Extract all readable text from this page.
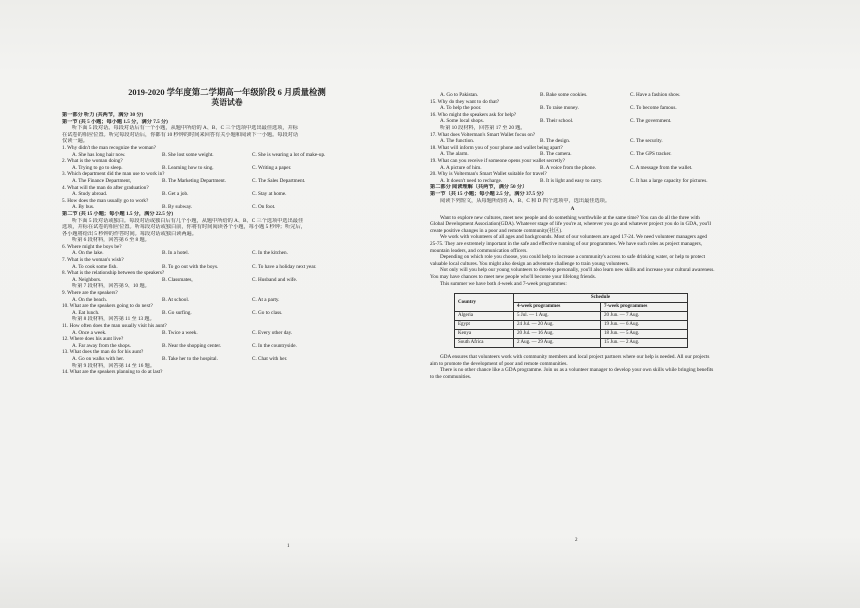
2019-2020 学年度第二学期高一年级阶段 6 月质量检测
英语试卷
第一部分 听力 (共两节，满分 30 分)
第一节 (共 5 小题；每小题 1.5 分，满分 7.5 分)
听下面 5 段对话。每段对话后有一个小题，从题中所给的 A、B、C 三个选项中选出最佳选项，并标
在试卷的相应位置。听完每段对话后，你都有 10 秒钟的时间来回答有关小题和阅读下一小题。每段对话
仅读一遍。
1. Why didn't the man recognize the woman?
A. She has long hair now.	B. She lost some weight.	C. She is wearing a lot of make-up.
2. What is the woman doing?
A. Trying to go to sleep.	B. Learning how to sing.	C. Writing a paper.
3. Which department did the man use to work in?
A. The Finance Department,	B. The Marketing Department.	C. The Sales Department.
4. What will the man do after graduation?
A. Study abroad.	B. Get a job.	C. Stay at home.
5. How does the man usually go to work?
A. By bus.	B. By subway.	C. On foot.
第二节 (共 15 小题；每小题 1.5 分，满分 22.5 分)
听下面 5 段对话或独白。每段对话或独白后有几个小题，从题中所给的 A、B、C 三个选项中选出最佳
选项，并标在试卷的相应位置。听每段对话或独白前，你将有时间阅读各个小题，每小题 5 秒钟；听完后，
各小题将给出 5 秒钟的作答时间。每段对话或独白读两遍。
听第 6 段材料，回答第 6 至 8 题。
6. Where might the boys be?
A. On the lake.	B. In a hotel.	C. In the kitchen.
7. What is the woman's wish?
A. To cook some fish.	B. To go out with the boys.	C. To have a holiday next year.
8. What is the relationship between the speakers?
A. Neighbors.	B. Classmates,	C. Husband and wife.
听第 7 段材料，回答第 9、10 题。
9. Where are the speakers?
A. On the beach.	B. At school.	C. At a party.
10. What are the speakers going to do next?
A. Eat lunch.	B. Go surfing.	C. Go to class.
听第 8 段材料，回答第 11 至 13 题。
11. How often does the man usually visit his aunt?
A. Once a week.	B. Twice a week.	C. Every other day.
12. Where does his aunt live?
A. Far away from the shops.	B. Near the shopping center.	C. In the countryside.
13. What does the man do for his aunt?
A. Go on walks with her.	B. Take her to the hospital.	C. Chat with her.
听第 9 段材料，回答第 14 至 16 题。
14. What are the speakers planning to do at last?
1
A. Go to Pakistan.	B. Bake some cookies.	C. Have a fashion show.
15. Why do they want to do that?
A. To help the poor.	B. To raise money.	C. To become famous.
16. Who might the speakers ask for help?
A. Some local shops.	B. Their school.	C. The government.
听第 10 段材料，回答第 17 至 20 题。
17. What does Volterman's Smart Wallet focus on?
A. The function.	B. The design.	C. The security.
18. What will inform you of your phone and wallet being apart?
A. The alarm.	B. The camera.	C. The GPS tracker.
19. What can you receive if someone opens your wallet secretly?
A. A picture of him.	B. A voice from the phone.	C. A message from the wallet.
20. Why is Volterman's Smart Wallet suitable for travel?
A. It doesn't need to recharge.	B. It is light and easy to carry.	C. It has a large capacity for pictures.
第二部分 阅读理解（共两节，满分 50 分）
第一节（共 15 小题；每小题 2.5 分，满分 37.5 分）
阅读下列短文，从每题所给的 A、B、C 和 D 四个选项中，选出最佳选项。
A
Want to explore new cultures, meet new people and do something worthwhile at the same time? You can do all the three with Global Development Association(GDA). Whatever stage of life you're at, wherever you go and whatever project you do in GDA, you'll create positive changes in a poor and remote community(社区).
We work with volunteers of all ages and backgrounds. Most of our volunteers are aged 17-24. We need volunteer managers aged 25-75. They are extremely important in the safe and effective running of our programmes. We have such roles as project managers, mountain leaders, and communication officers.
Depending on which role you choose, you could help to increase a community's access to safe drinking water, or help to protect valuable local cultures. You might also design an adventure challenge to train young volunteers.
Not only will you help our young volunteers to develop personally, you'll also learn new skills and increase your cultural awareness. You may have chances to meet new people who'll become your lifelong friends.
This summer we have both 4-week and 7-week programmes:
Country	Schedule	
	4-week programmes	7-week programmes
Algeria	5 Jul. — 1 Aug.	20 Jun. — 7 Aug.
Egypt	24 Jul. — 20 Aug.	19 Jun. — 6 Aug.
Kenya	20 Jul. — 16 Aug.	18 Jun. — 5 Aug.
South Africa	2 Aug. — 29 Aug.	15 Jun. — 2 Aug.
GDA ensures that volunteers work with community members and local project partners where our help is needed. All our projects aim to promote the development of poor and remote communities.
There is no other chance like a GDA programme. Join us as a volunteer manager to develop your own skills while bringing benefits to the communities.
2
